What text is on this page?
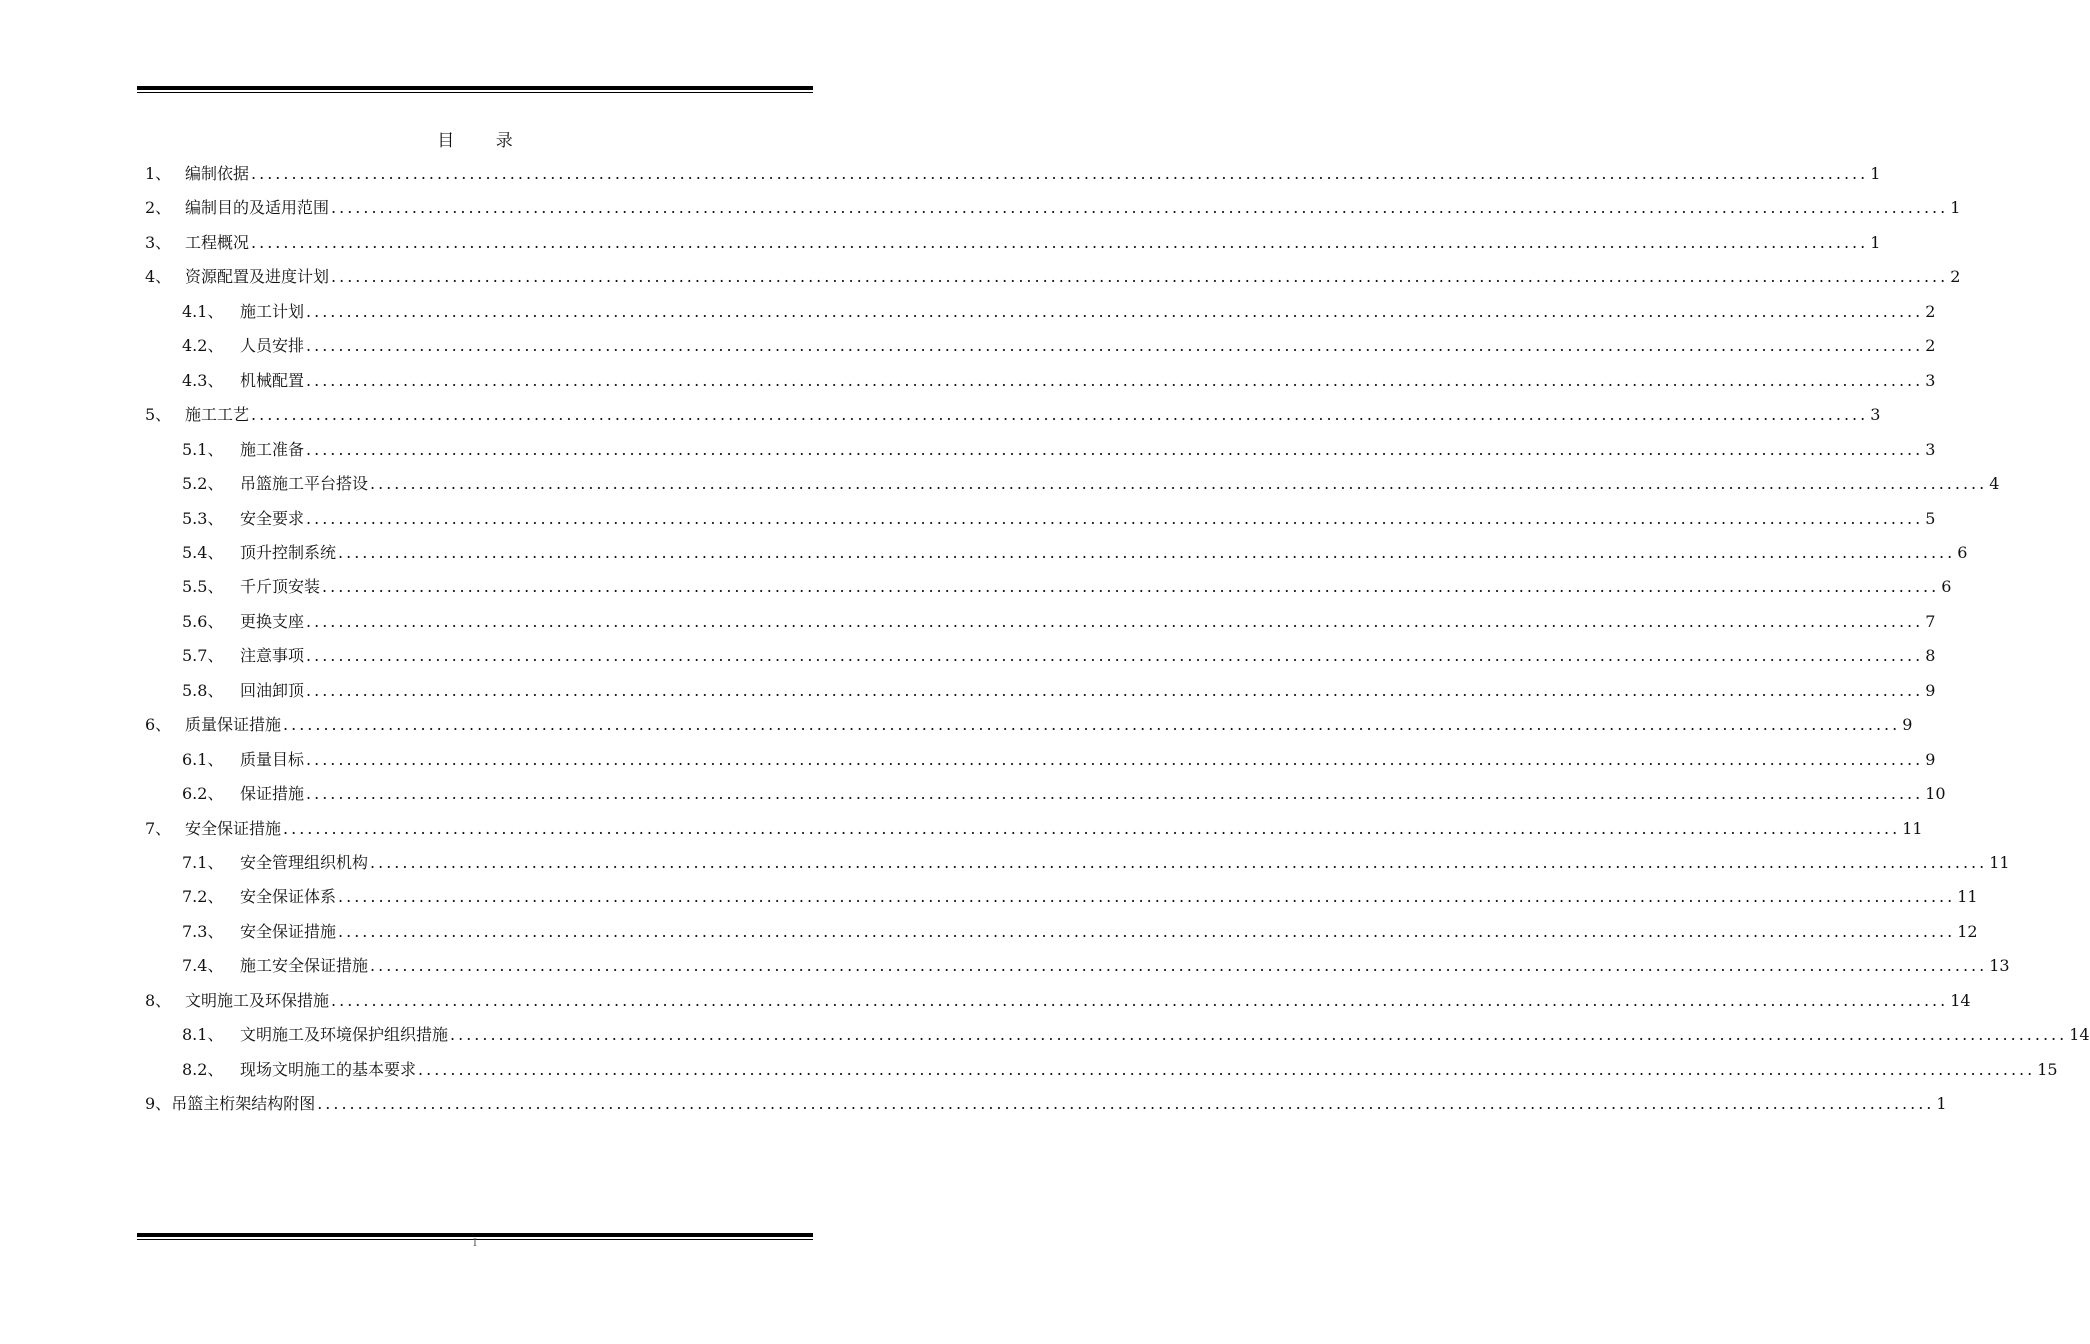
目 录
1、 编制依据 ........................................................................................................................................................................................................ 1
2、 编制目的及适用范围 ........................................................................................................................................................................................................ 1
3、 工程概况 ........................................................................................................................................................................................................ 1
4、 资源配置及进度计划 ........................................................................................................................................................................................................ 2
4.1、	施工计划 ........................................................................................................................................................................................................ 2
4.2、	人员安排 ........................................................................................................................................................................................................ 2
4.3、	机械配置 ........................................................................................................................................................................................................ 3
5、 施工工艺 ........................................................................................................................................................................................................ 3
5.1、	施工准备 ........................................................................................................................................................................................................ 3
5.2、	吊篮施工平台搭设 ........................................................................................................................................................................................................ 4
5.3、	安全要求 ........................................................................................................................................................................................................ 5
5.4、	顶升控制系统 ........................................................................................................................................................................................................ 6
5.5、	千斤顶安装 ........................................................................................................................................................................................................ 6
5.6、	更换支座 ........................................................................................................................................................................................................ 7
5.7、	注意事项 ........................................................................................................................................................................................................ 8
5.8、	回油卸顶 ........................................................................................................................................................................................................ 9
6、 质量保证措施 ........................................................................................................................................................................................................ 9
6.1、	质量目标 ........................................................................................................................................................................................................ 9
6.2、	保证措施 ........................................................................................................................................................................................................ 10
7、 安全保证措施 ........................................................................................................................................................................................................ 11
7.1、	安全管理组织机构 ........................................................................................................................................................................................................ 11
7.2、	安全保证体系 ........................................................................................................................................................................................................ 11
7.3、	安全保证措施 ........................................................................................................................................................................................................ 12
7.4、	施工安全保证措施 ........................................................................................................................................................................................................ 13
8、 文明施工及环保措施 ........................................................................................................................................................................................................ 14
8.1、	文明施工及环境保护组织措施 ........................................................................................................................................................................................................ 14
8.2、	现场文明施工的基本要求 ........................................................................................................................................................................................................ 15
9、 吊篮主桁架结构附图 ........................................................................................................................................................................................................ 1
I
